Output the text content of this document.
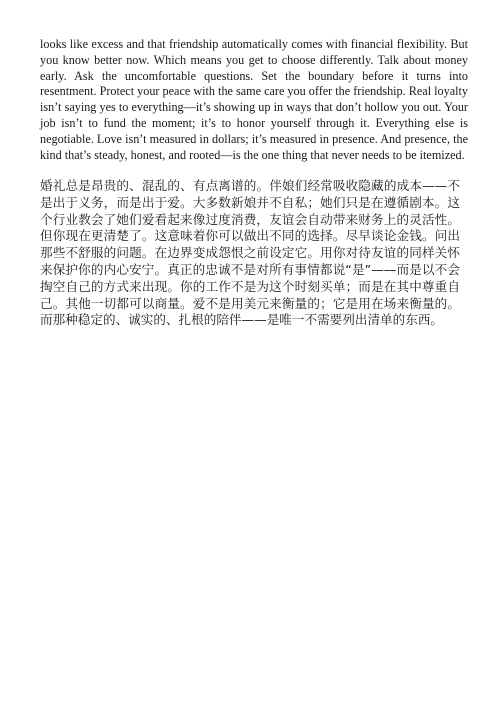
looks like excess and that friendship automatically comes with financial flexibility. But you know better now. Which means you get to choose differently. Talk about money early. Ask the uncomfortable questions. Set the boundary before it turns into resentment. Protect your peace with the same care you offer the friendship. Real loyalty isn’t saying yes to everything—it’s showing up in ways that don’t hollow you out. Your job isn’t to fund the moment; it’s to honor yourself through it. Everything else is negotiable. Love isn’t measured in dollars; it’s measured in presence. And presence, the kind that’s steady, honest, and rooted—is the one thing that never needs to be itemized.

婚礼总是昂贵的、混乱的、有点离谱的。伴娘们经常吸收隐藏的成本——不是出于义务，而是出于爱。大多数新娘并不自私；她们只是在遵循剧本。这个行业教会了她们爱看起来像过度消费，友谊会自动带来财务上的灵活性。但你现在更清楚了。这意味着你可以做出不同的选择。尽早谈论金钱。问出那些不舒服的问题。在边界变成怨恨之前设定它。用你对待友谊的同样关怀来保护你的内心安宁。真正的忠诚不是对所有事情都说“是”——而是以不会掏空自己的方式来出现。你的工作不是为这个时刻买单；而是在其中尊重自己。其他一切都可以商量。爱不是用美元来衡量的；它是用在场来衡量的。而那种稳定的、诚实的、扎根的陪伴——是唯一不需要列出清单的东西。
